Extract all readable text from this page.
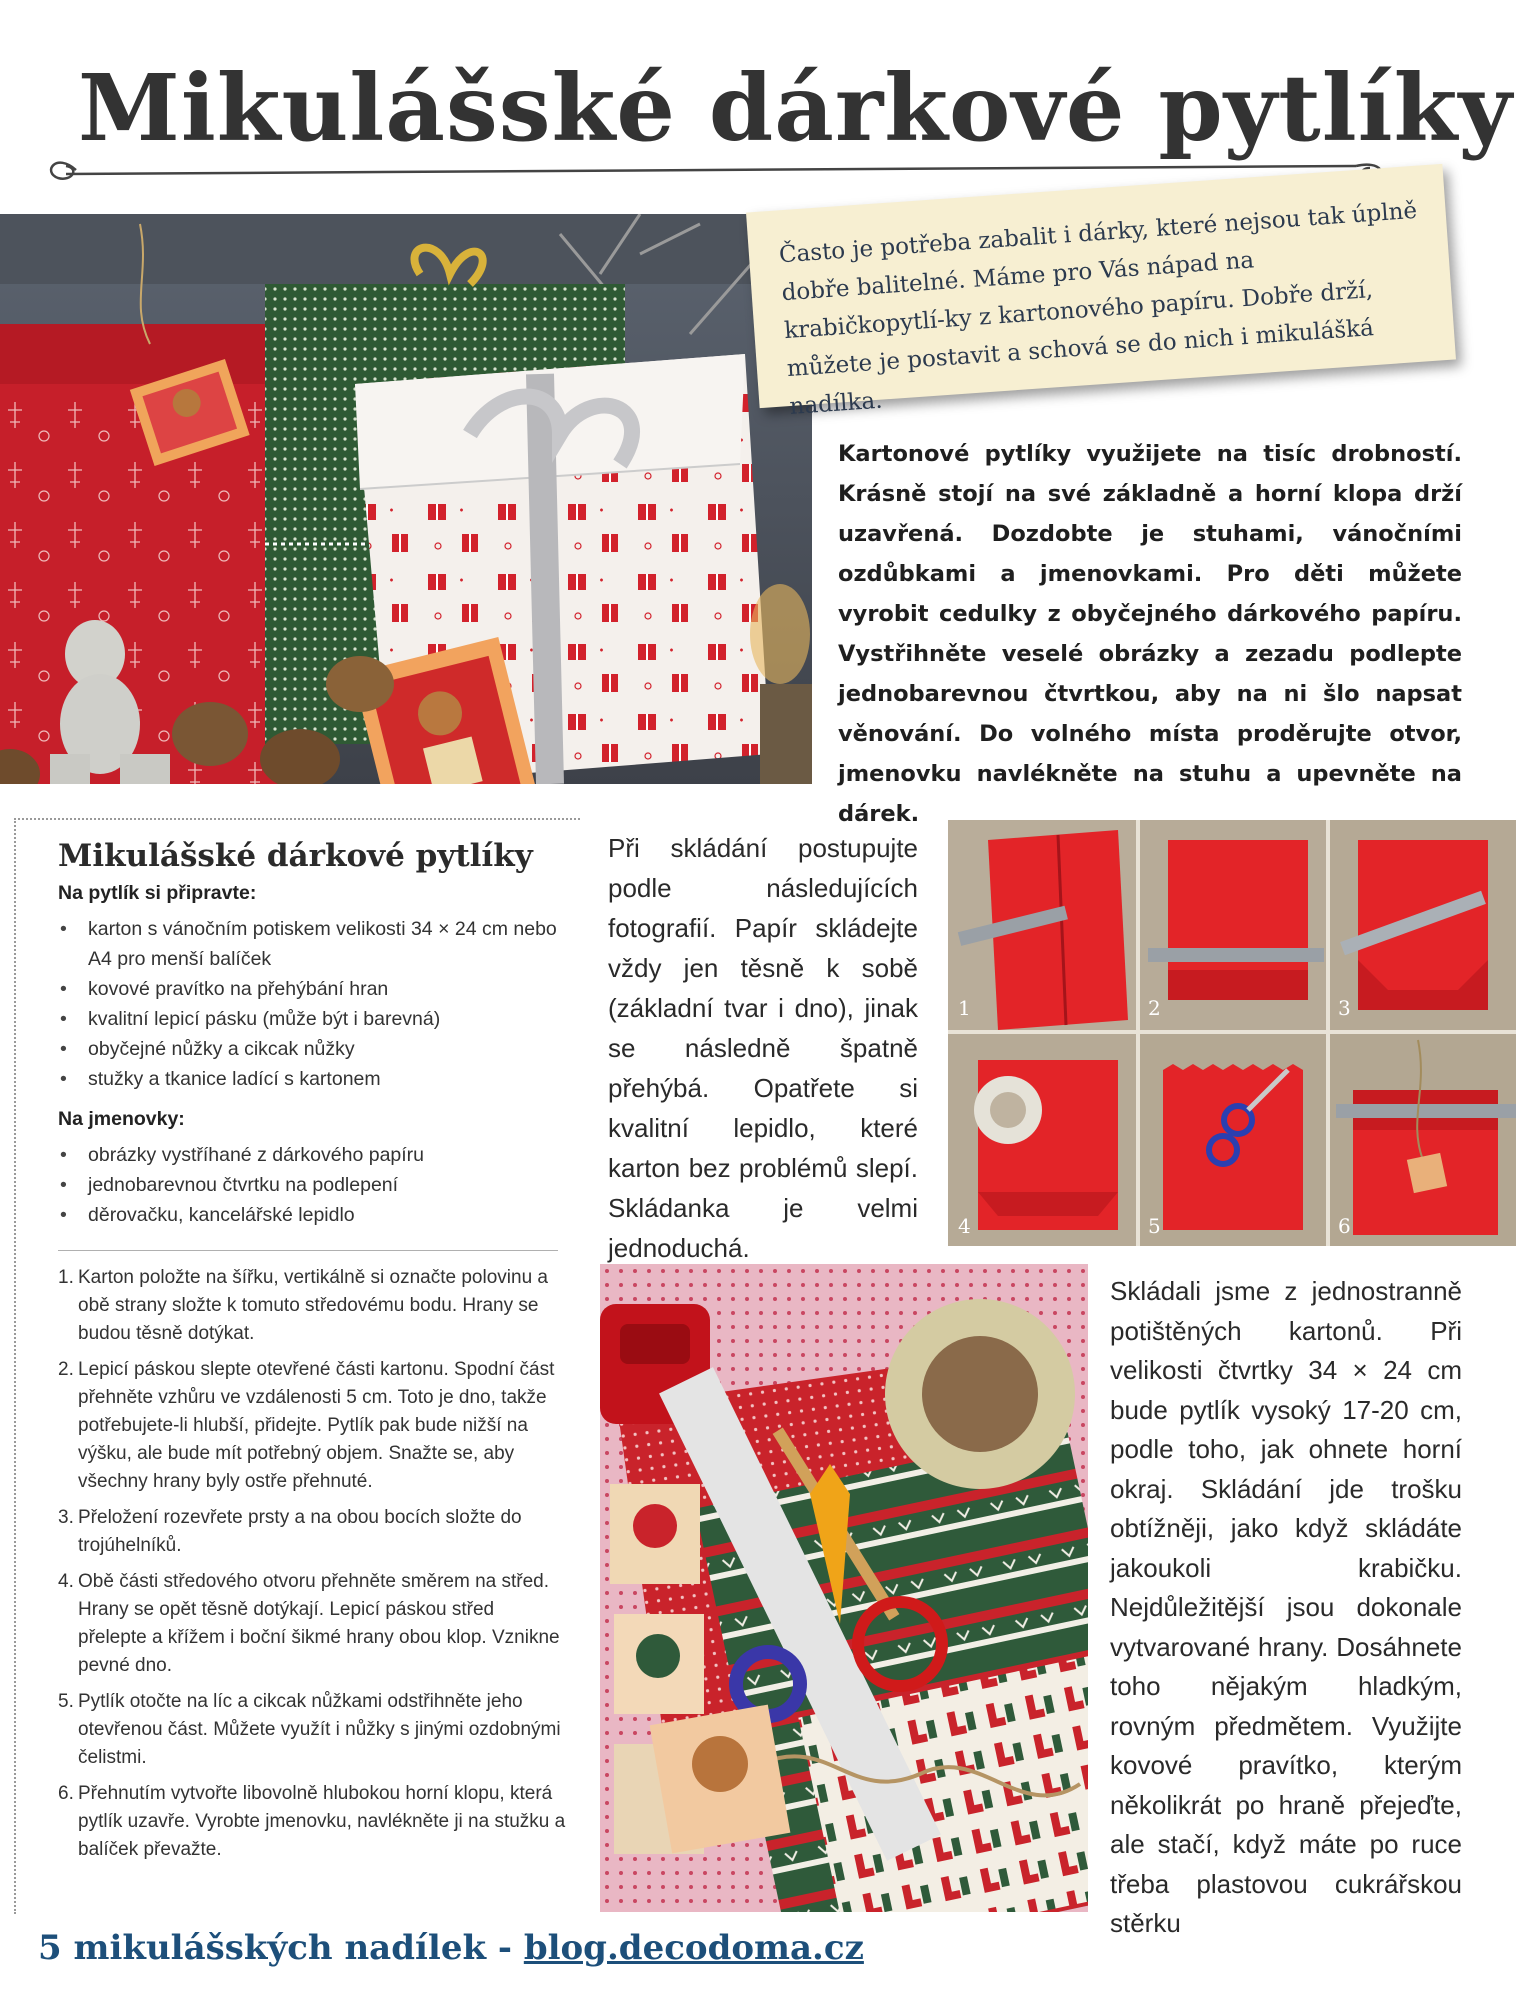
Mikulášské dárkové pytlíky
Často je potřeba zabalit i dárky, které nejsou tak úplně dobře balitelné. Máme pro Vás nápad na krabičkopytlí-ky z kartonového papíru. Dobře drží, můžete je postavit a schová se do nich i mikulášká nadílka.

Kartonové pytlíky využijete na tisíc drobností. Krásně stojí na své základně a horní klopa drží uzavřená. Dozdobte je stuhami, vánočními ozdůbkami a jmenovkami. Pro děti můžete vyrobit cedulky z obyčejného dárkového papíru. Vystřihněte veselé obrázky a zezadu podlepte jednobarevnou čtvrtkou, aby na ni šlo napsat věnování. Do volného místa proděrujte otvor, jmenovku navlékněte na stuhu a upevněte na dárek.

Mikulášské dárkové pytlíky
Na pytlík si připravte:
• karton s vánočním potiskem velikosti 34 × 24 cm nebo A4 pro menší balíček
• kovové pravítko na přehýbání hran
• kvalitní lepicí pásku (může být i barevná)
• obyčejné nůžky a cikcak nůžky
• stužky a tkanice ladící s kartonem
Na jmenovky:
• obrázky vystříhané z dárkového papíru
• jednobarevnou čtvrtku na podlepení
• děrovačku, kancelářské lepidlo
1. Karton položte na šířku, vertikálně si označte polovinu a obě strany složte k tomuto středovému bodu. Hrany se budou těsně dotýkat.
2. Lepicí páskou slepte otevřené části kartonu. Spodní část přehněte vzhůru ve vzdálenosti 5 cm. Toto je dno, takže potřebujete-li hlubší, přidejte. Pytlík pak bude nižší na výšku, ale bude mít potřebný objem. Snažte se, aby všechny hrany byly ostře přehnuté.
3. Přeložení rozevřete prsty a na obou bocích složte do trojúhelníků.
4. Obě části středového otvoru přehněte směrem na střed. Hrany se opět těsně dotýkají. Lepicí páskou střed přelepte a křížem i boční šikmé hrany obou klop. Vznikne pevné dno.
5. Pytlík otočte na líc a cikcak nůžkami odstřihněte jeho otevřenou část. Můžete využít i nůžky s jinými ozdobnými čelistmi.
6. Přehnutím vytvořte libovolně hlubokou horní klopu, která pytlík uzavře. Vyrobte jmenovku, navlékněte ji na stužku a balíček převažte.

Při skládání postupujte podle následujících fotografií. Papír skládejte vždy jen těsně k sobě (základní tvar i dno), jinak se následně špatně přehýbá. Opatřete si kvalitní lepidlo, které karton bez problémů slepí. Skládanka je velmi jednoduchá.

1	2	3
4	5	6

Skládali jsme z jednostranně potištěných kartonů. Při velikosti čtvrtky 34 × 24 cm bude pytlík vysoký 17-20 cm, podle toho, jak ohnete horní okraj. Skládání jde trošku obtížněji, jako když skládáte jakoukoli krabičku. Nejdůležitější jsou dokonale vytvarované hrany. Dosáhnete toho nějakým hladkým, rovným předmětem. Využijte kovové pravítko, kterým několikrát po hraně přejeďte, ale stačí, když máte po ruce třeba plastovou cukrářskou stěrku

5 mikulášských nadílek - blog.decodoma.cz
